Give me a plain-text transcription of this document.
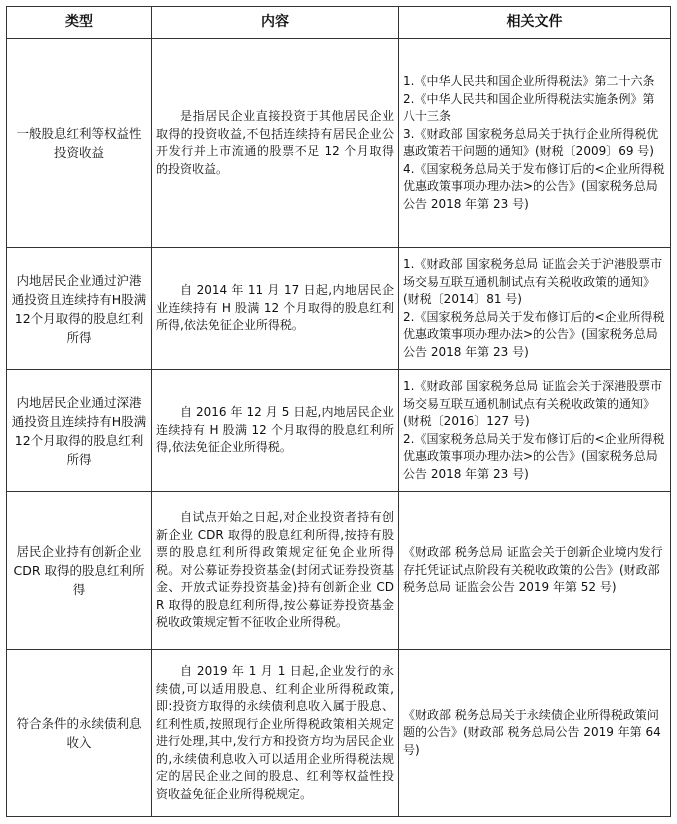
类型	内容	相关文件
一般股息红利等权益性投资收益	是指居民企业直接投资于其他居民企业取得的投资收益,不包括连续持有居民企业公开发行并上市流通的股票不足 12 个月取得的投资收益。	1.《中华人民共和国企业所得税法》第二十六条
2.《中华人民共和国企业所得税法实施条例》第八十三条
3.《财政部 国家税务总局关于执行企业所得税优惠政策若干问题的通知》(财税〔2009〕69 号)
4.《国家税务总局关于发布修订后的<企业所得税优惠政策事项办理办法>的公告》(国家税务总局公告 2018 年第 23 号)

内地居民企业通过沪港通投资且连续持有H股满12个月取得的股息红利所得	自 2014 年 11 月 17 日起,内地居民企业连续持有 H 股满 12 个月取得的股息红利所得,依法免征企业所得税。	1.《财政部 国家税务总局 证监会关于沪港股票市场交易互联互通机制试点有关税收政策的通知》(财税〔2014〕81 号)
2.《国家税务总局关于发布修订后的<企业所得税优惠政策事项办理办法>的公告》(国家税务总局公告 2018 年第 23 号)

内地居民企业通过深港通投资且连续持有H股满12个月取得的股息红利所得	自 2016 年 12 月 5 日起,内地居民企业连续持有 H 股满 12 个月取得的股息红利所得,依法免征企业所得税。	1.《财政部 国家税务总局 证监会关于深港股票市场交易互联互通机制试点有关税收政策的通知》(财税〔2016〕127 号)
2.《国家税务总局关于发布修订后的<企业所得税优惠政策事项办理办法>的公告》(国家税务总局公告 2018 年第 23 号)

居民企业持有创新企业 CDR 取得的股息红利所得	自试点开始之日起,对企业投资者持有创新企业 CDR 取得的股息红利所得,按持有股票的股息红利所得政策规定征免企业所得税。对公募证券投资基金(封闭式证券投资基金、开放式证券投资基金)持有创新企业 CDR 取得的股息红利所得,按公募证券投资基金税收政策规定暂不征收企业所得税。	《财政部 税务总局 证监会关于创新企业境内发行存托凭证试点阶段有关税收政策的公告》(财政部 税务总局 证监会公告 2019 年第 52 号)

符合条件的永续债利息收入	自 2019 年 1 月 1 日起,企业发行的永续债,可以适用股息、红利企业所得税政策,即:投资方取得的永续债利息收入属于股息、红利性质,按照现行企业所得税政策相关规定进行处理,其中,发行方和投资方均为居民企业的,永续债利息收入可以适用企业所得税法规定的居民企业之间的股息、红利等权益性投资收益免征企业所得税规定。	《财政部 税务总局关于永续债企业所得税政策问题的公告》(财政部 税务总局公告 2019 年第 64 号)
